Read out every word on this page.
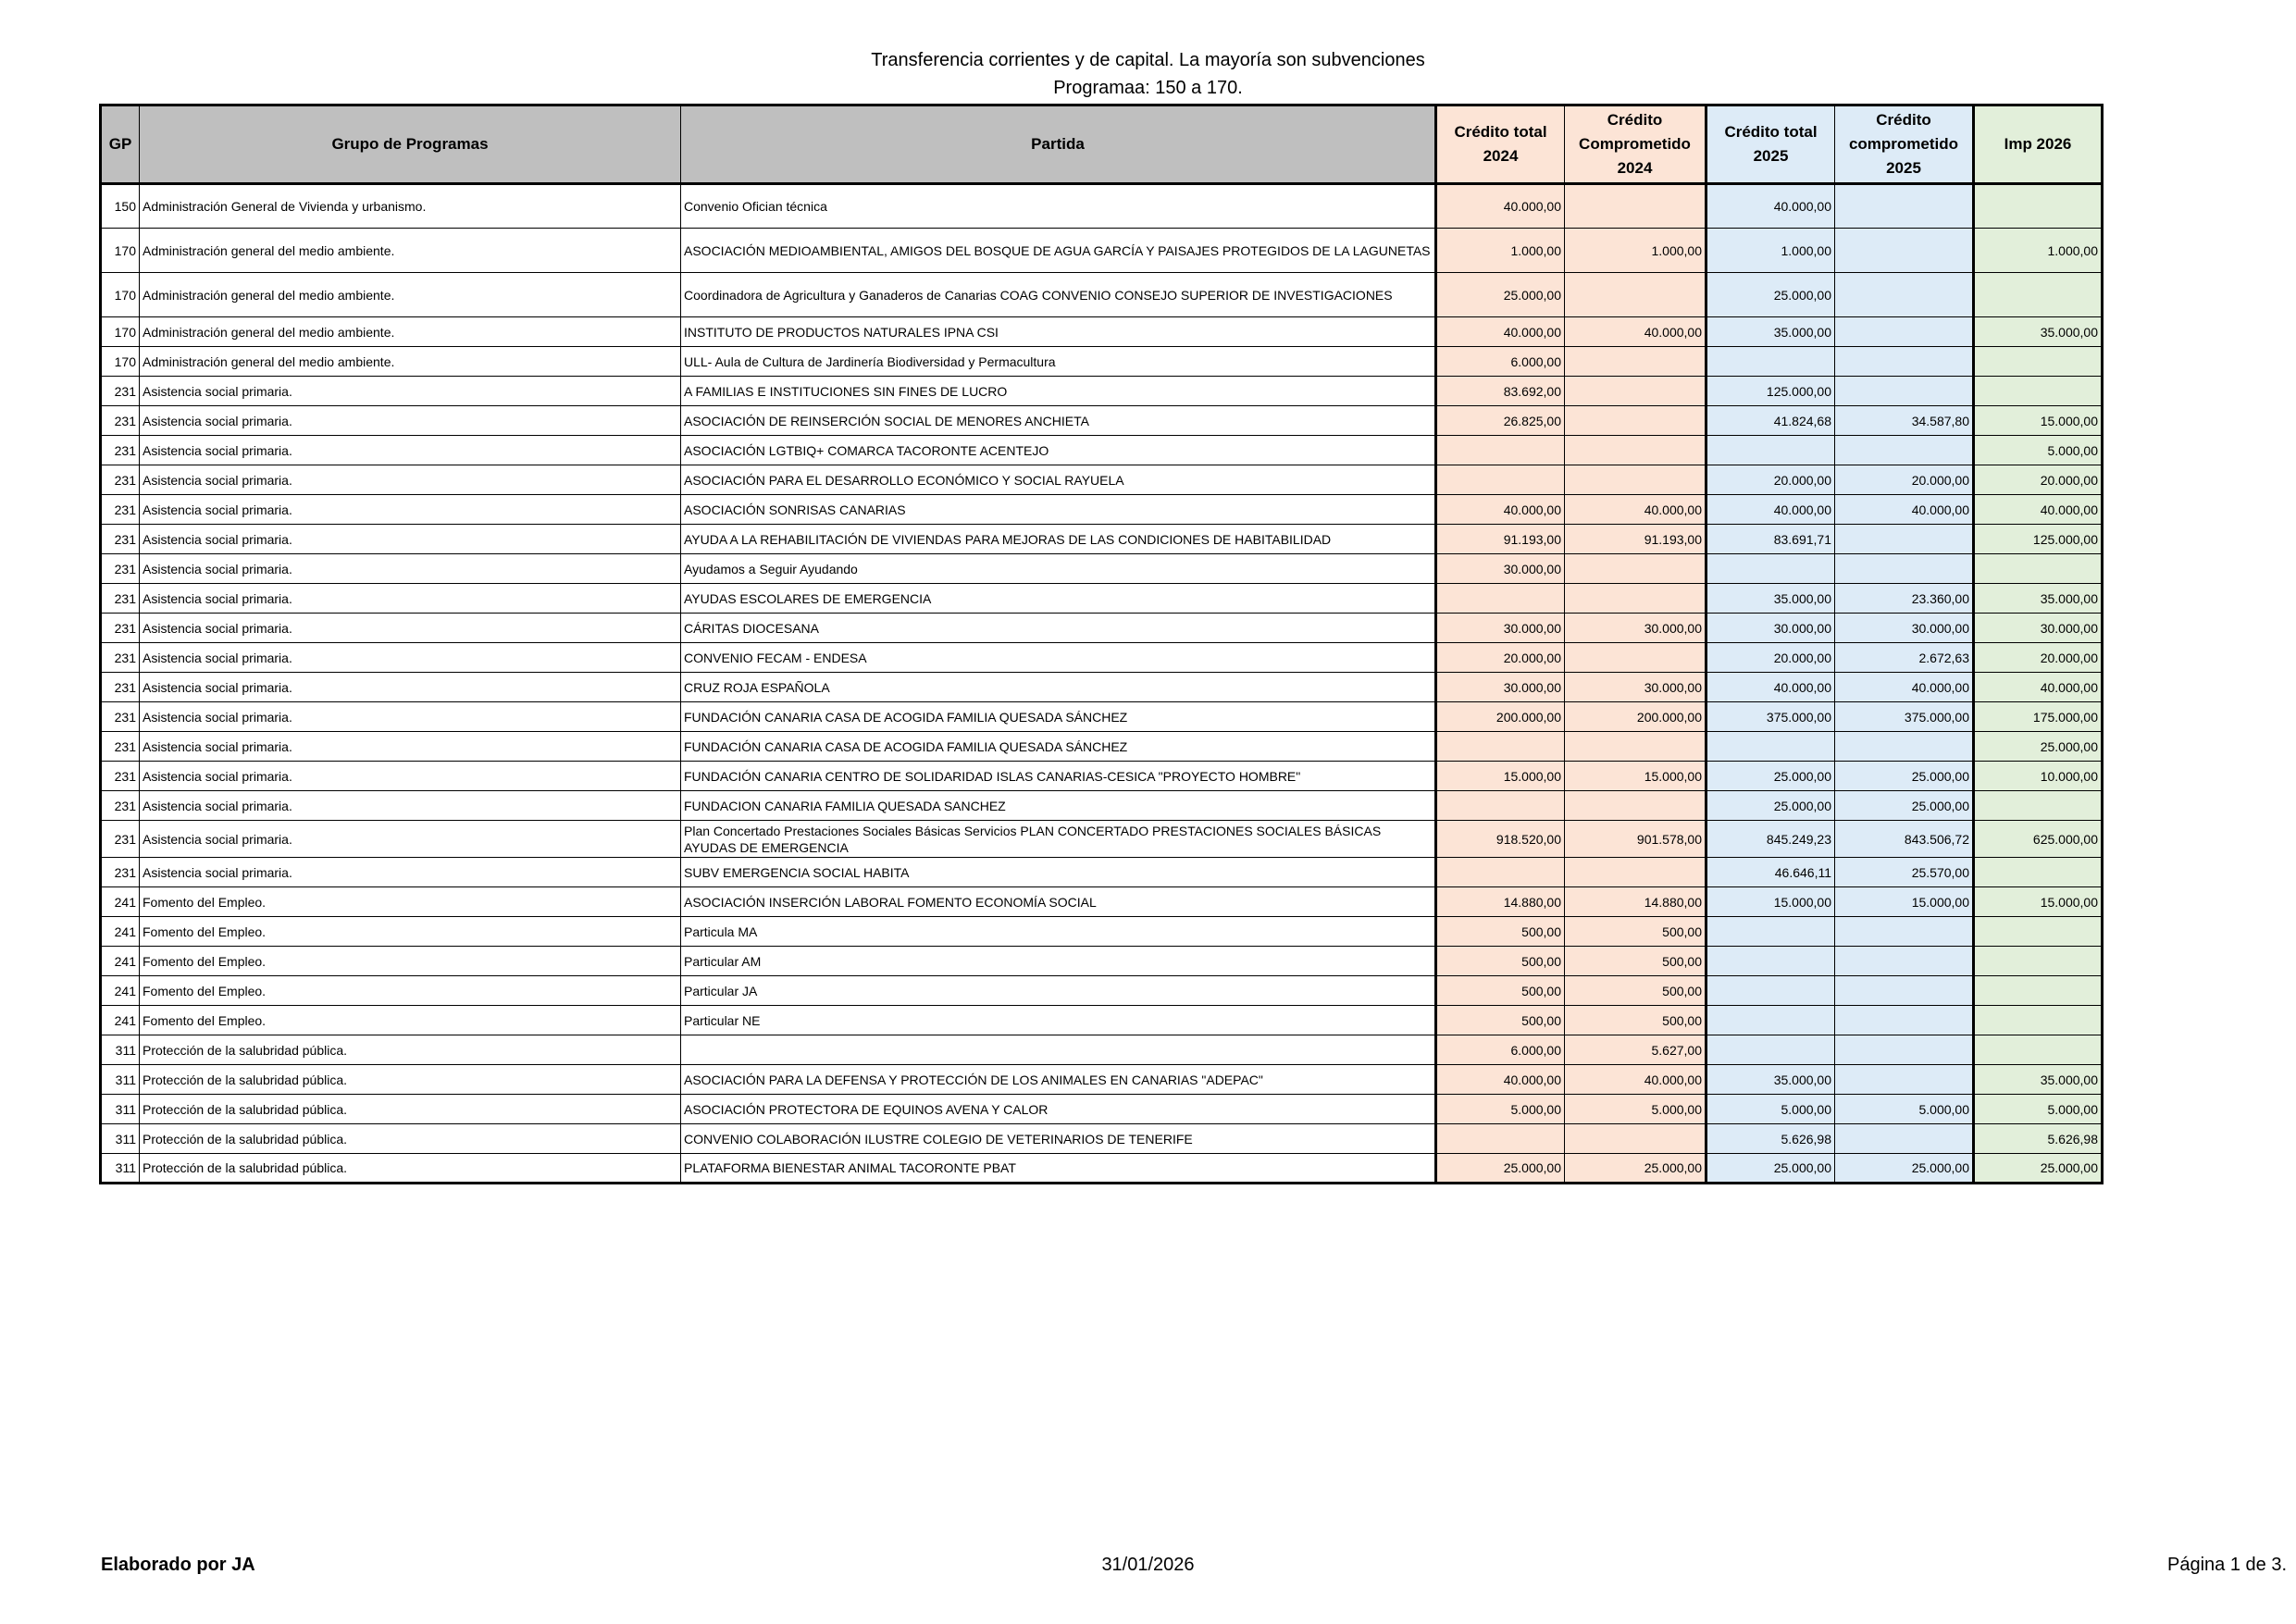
Transferencia corrientes y de capital. La mayoría son subvenciones
Programaa: 150 a 170.
GP	Grupo de Programas	Partida	Crédito total 2024	Crédito Comprometido 2024	Crédito total 2025	Crédito comprometido 2025	Imp 2026
150	Administración General de Vivienda y urbanismo.	Convenio Ofician técnica	40.000,00		40.000,00		
170	Administración general del medio ambiente.	ASOCIACIÓN MEDIOAMBIENTAL, AMIGOS DEL BOSQUE DE AGUA GARCÍA Y PAISAJES PROTEGIDOS DE LA LAGUNETAS	1.000,00	1.000,00	1.000,00		1.000,00
170	Administración general del medio ambiente.	Coordinadora de Agricultura y Ganaderos de Canarias COAG CONVENIO CONSEJO SUPERIOR DE INVESTIGACIONES	25.000,00		25.000,00		
170	Administración general del medio ambiente.	INSTITUTO DE PRODUCTOS NATURALES IPNA CSI	40.000,00	40.000,00	35.000,00		35.000,00
170	Administración general del medio ambiente.	ULL- Aula de Cultura de Jardinería Biodiversidad y Permacultura	6.000,00				
231	Asistencia social primaria.	A FAMILIAS E INSTITUCIONES SIN FINES DE LUCRO	83.692,00		125.000,00		
231	Asistencia social primaria.	ASOCIACIÓN DE REINSERCIÓN SOCIAL DE MENORES ANCHIETA	26.825,00		41.824,68	34.587,80	15.000,00
231	Asistencia social primaria.	ASOCIACIÓN LGTBIQ+ COMARCA TACORONTE ACENTEJO					5.000,00
231	Asistencia social primaria.	ASOCIACIÓN PARA EL DESARROLLO ECONÓMICO Y SOCIAL RAYUELA			20.000,00	20.000,00	20.000,00
231	Asistencia social primaria.	ASOCIACIÓN SONRISAS CANARIAS	40.000,00	40.000,00	40.000,00	40.000,00	40.000,00
231	Asistencia social primaria.	AYUDA A LA REHABILITACIÓN DE VIVIENDAS PARA MEJORAS DE LAS CONDICIONES DE HABITABILIDAD	91.193,00	91.193,00	83.691,71		125.000,00
231	Asistencia social primaria.	Ayudamos a Seguir Ayudando	30.000,00				
231	Asistencia social primaria.	AYUDAS ESCOLARES DE EMERGENCIA			35.000,00	23.360,00	35.000,00
231	Asistencia social primaria.	CÁRITAS DIOCESANA	30.000,00	30.000,00	30.000,00	30.000,00	30.000,00
231	Asistencia social primaria.	CONVENIO FECAM - ENDESA	20.000,00		20.000,00	2.672,63	20.000,00
231	Asistencia social primaria.	CRUZ ROJA ESPAÑOLA	30.000,00	30.000,00	40.000,00	40.000,00	40.000,00
231	Asistencia social primaria.	FUNDACIÓN CANARIA CASA DE ACOGIDA FAMILIA QUESADA SÁNCHEZ	200.000,00	200.000,00	375.000,00	375.000,00	175.000,00
231	Asistencia social primaria.	FUNDACIÓN CANARIA CASA DE ACOGIDA FAMILIA QUESADA SÁNCHEZ					25.000,00
231	Asistencia social primaria.	FUNDACIÓN CANARIA CENTRO DE SOLIDARIDAD ISLAS CANARIAS-CESICA "PROYECTO HOMBRE"	15.000,00	15.000,00	25.000,00	25.000,00	10.000,00
231	Asistencia social primaria.	FUNDACION CANARIA FAMILIA QUESADA SANCHEZ			25.000,00	25.000,00	
231	Asistencia social primaria.	Plan Concertado Prestaciones Sociales Básicas Servicios PLAN CONCERTADO PRESTACIONES SOCIALES BÁSICAS AYUDAS DE EMERGENCIA	918.520,00	901.578,00	845.249,23	843.506,72	625.000,00
231	Asistencia social primaria.	SUBV EMERGENCIA SOCIAL HABITA			46.646,11	25.570,00	
241	Fomento del Empleo.	ASOCIACIÓN INSERCIÓN LABORAL FOMENTO ECONOMÍA SOCIAL	14.880,00	14.880,00	15.000,00	15.000,00	15.000,00
241	Fomento del Empleo.	Particula MA	500,00	500,00			
241	Fomento del Empleo.	Particular AM	500,00	500,00			
241	Fomento del Empleo.	Particular JA	500,00	500,00			
241	Fomento del Empleo.	Particular NE	500,00	500,00			
311	Protección de la salubridad pública.		6.000,00	5.627,00			
311	Protección de la salubridad pública.	ASOCIACIÓN PARA LA DEFENSA Y PROTECCIÓN DE LOS ANIMALES EN CANARIAS "ADEPAC"	40.000,00	40.000,00	35.000,00		35.000,00
311	Protección de la salubridad pública.	ASOCIACIÓN PROTECTORA DE EQUINOS AVENA Y CALOR	5.000,00	5.000,00	5.000,00	5.000,00	5.000,00
311	Protección de la salubridad pública.	CONVENIO COLABORACIÓN ILUSTRE COLEGIO DE VETERINARIOS DE TENERIFE			5.626,98		5.626,98
311	Protección de la salubridad pública.	PLATAFORMA BIENESTAR ANIMAL TACORONTE PBAT	25.000,00	25.000,00	25.000,00	25.000,00	25.000,00
Elaborado por JA	31/01/2026	Página 1 de 3.
